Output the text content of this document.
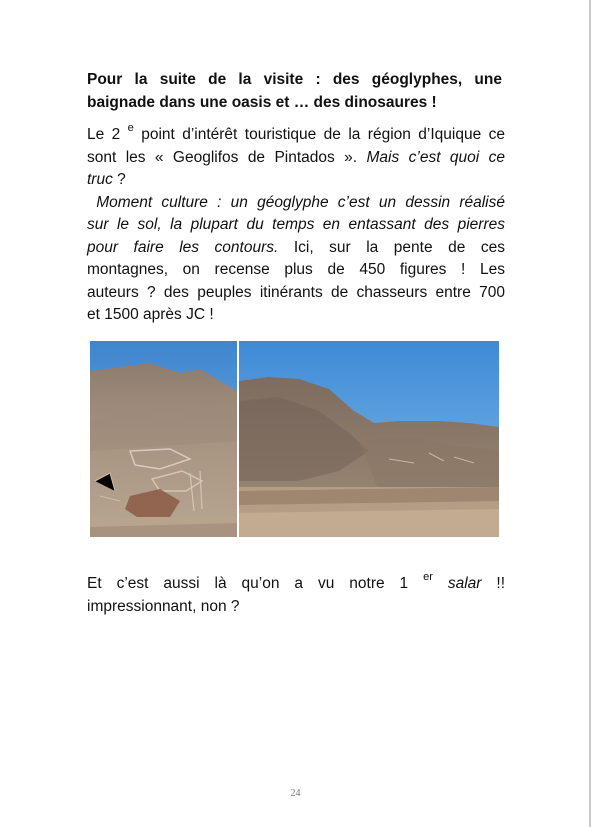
Pour la suite de la visite : des géoglyphes, une
baignade dans une oasis et … des dinosaures !
Le 2 $^e$ point d’intérêt touristique de la région d’Iquique ce
sont les « Geoglifos de Pintados ». Mais c’est quoi ce
truc ?
Moment culture : un géoglyphe c’est un dessin réalisé
sur le sol, la plupart du temps en entassant des pierres
pour faire les contours. Ici, sur la pente de ces
montagnes, on recense plus de 450 figures ! Les
auteurs ? des peuples itinérants de chasseurs entre 700
et 1500 après JC !
Et c’est aussi là qu’on a vu notre 1 $^{er}$ salar !!
impressionnant, non ?
24
